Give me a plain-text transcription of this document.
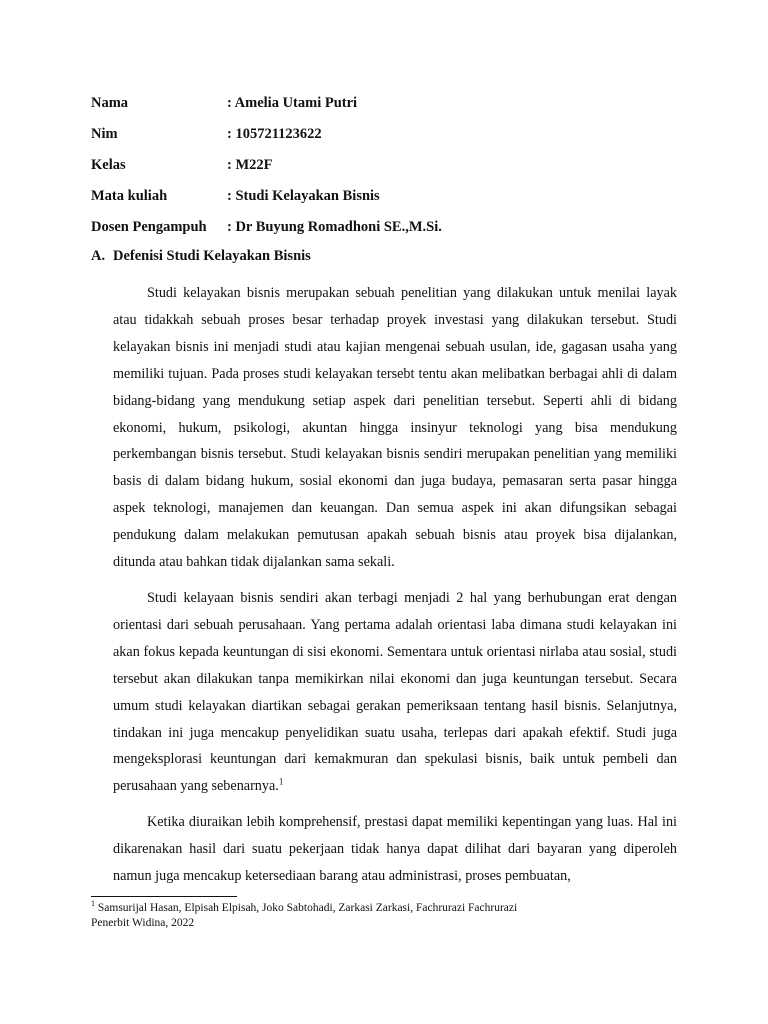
Nama	: Amelia Utami Putri
Nim	: 105721123622
Kelas	: M22F
Mata kuliah	: Studi Kelayakan Bisnis
Dosen Pengampuh	: Dr Buyung Romadhoni SE.,M.Si.
A. Defenisi Studi Kelayakan Bisnis

Studi kelayakan bisnis merupakan sebuah penelitian yang dilakukan untuk menilai layak atau tidakkah sebuah proses besar terhadap proyek investasi yang dilakukan tersebut. Studi kelayakan bisnis ini menjadi studi atau kajian mengenai sebuah usulan, ide, gagasan usaha yang memiliki tujuan. Pada proses studi kelayakan tersebt tentu akan melibatkan berbagai ahli di dalam bidang-bidang yang mendukung setiap aspek dari penelitian tersebut. Seperti ahli di bidang ekonomi, hukum, psikologi, akuntan hingga insinyur teknologi yang bisa mendukung perkembangan bisnis tersebut. Studi kelayakan bisnis sendiri merupakan penelitian yang memiliki basis di dalam bidang hukum, sosial ekonomi dan juga budaya, pemasaran serta pasar hingga aspek teknologi, manajemen dan keuangan. Dan semua aspek ini akan difungsikan sebagai pendukung dalam melakukan pemutusan apakah sebuah bisnis atau proyek bisa dijalankan, ditunda atau bahkan tidak dijalankan sama sekali.

Studi kelayaan bisnis sendiri akan terbagi menjadi 2 hal yang berhubungan erat dengan orientasi dari sebuah perusahaan. Yang pertama adalah orientasi laba dimana studi kelayakan ini akan fokus kepada keuntungan di sisi ekonomi. Sementara untuk orientasi nirlaba atau sosial, studi tersebut akan dilakukan tanpa memikirkan nilai ekonomi dan juga keuntungan tersebut. Secara umum studi kelayakan diartikan sebagai gerakan pemeriksaan tentang hasil bisnis. Selanjutnya, tindakan ini juga mencakup penyelidikan suatu usaha, terlepas dari apakah efektif. Studi juga mengeksplorasi keuntungan dari kemakmuran dan spekulasi bisnis, baik untuk pembeli dan perusahaan yang sebenarnya.$^1$

Ketika diuraikan lebih komprehensif, prestasi dapat memiliki kepentingan yang luas. Hal ini dikarenakan hasil dari suatu pekerjaan tidak hanya dapat dilihat dari bayaran yang diperoleh namun juga mencakup ketersediaan barang atau administrasi, proses pembuatan,

$^1$ Samsurijal Hasan, Elpisah Elpisah, Joko Sabtohadi, Zarkasi Zarkasi, Fachrurazi Fachrurazi
Penerbit Widina, 2022
